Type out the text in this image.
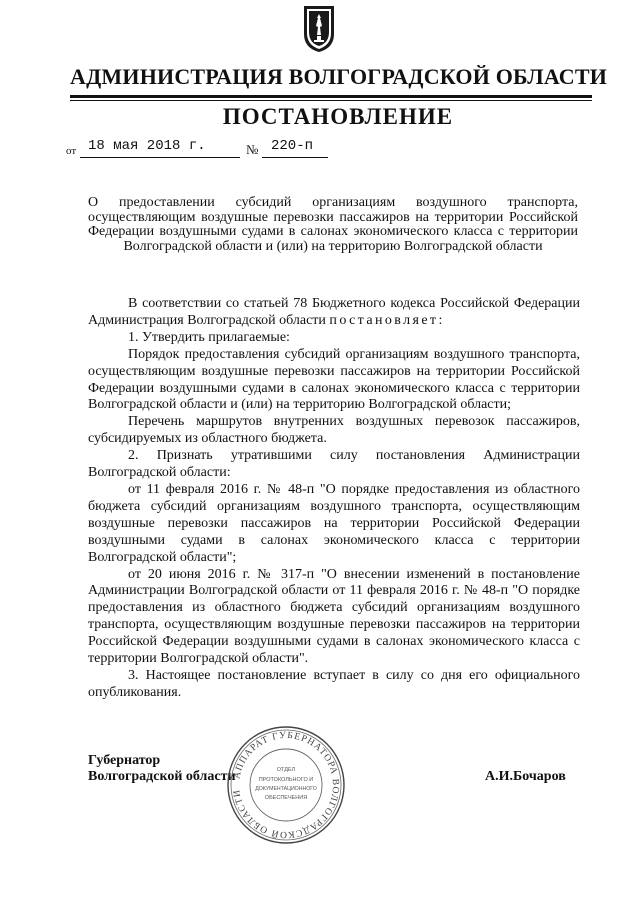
АДМИНИСТРАЦИЯ ВОЛГОГРАДСКОЙ ОБЛАСТИ
ПОСТАНОВЛЕНИЕ
от 18 мая 2018 г.	№ 220-п
О предоставлении субсидий организациям воздушного транспорта, осуществляющим воздушные перевозки пассажиров на территории Российской Федерации воздушными судами в салонах экономического класса с территории Волгоградской области и (или) на территорию Волгоградской области

В соответствии со статьей 78 Бюджетного кодекса Российской Федерации Администрация Волгоградской области постановляет:

1. Утвердить прилагаемые:

Порядок предоставления субсидий организациям воздушного транспорта, осуществляющим воздушные перевозки пассажиров на территории Российской Федерации воздушными судами в салонах экономического класса с территории Волгоградской области и (или) на территорию Волгоградской области;

Перечень маршрутов внутренних воздушных перевозок пассажиров, субсидируемых из областного бюджета.

2. Признать утратившими силу постановления Администрации Волгоградской области:

от 11 февраля 2016 г. № 48-п "О порядке предоставления из областного бюджета субсидий организациям воздушного транспорта, осуществляющим воздушные перевозки пассажиров на территории Российской Федерации воздушными судами в салонах экономического класса с территории Волгоградской области";

от 20 июня 2016 г. № 317-п "О внесении изменений в постановление Администрации Волгоградской области от 11 февраля 2016 г. № 48-п "О порядке предоставления из областного бюджета субсидий организациям воздушного транспорта, осуществляющим воздушные перевозки пассажиров на территории Российской Федерации воздушными судами в салонах экономического класса с территории Волгоградской области".

3. Настоящее постановление вступает в силу со дня его официального опубликования.

Губернатор
Волгоградской области	А.И.Бочаров
АППАРАТ ГУБЕРНАТОРА ВОЛГОГРАДСКОЙ ОБЛАСТИ
ОТДЕЛ
ПРОТОКОЛЬНОГО И
ДОКУМЕНТАЦИОННОГО
ОБЕСПЕЧЕНИЯ
